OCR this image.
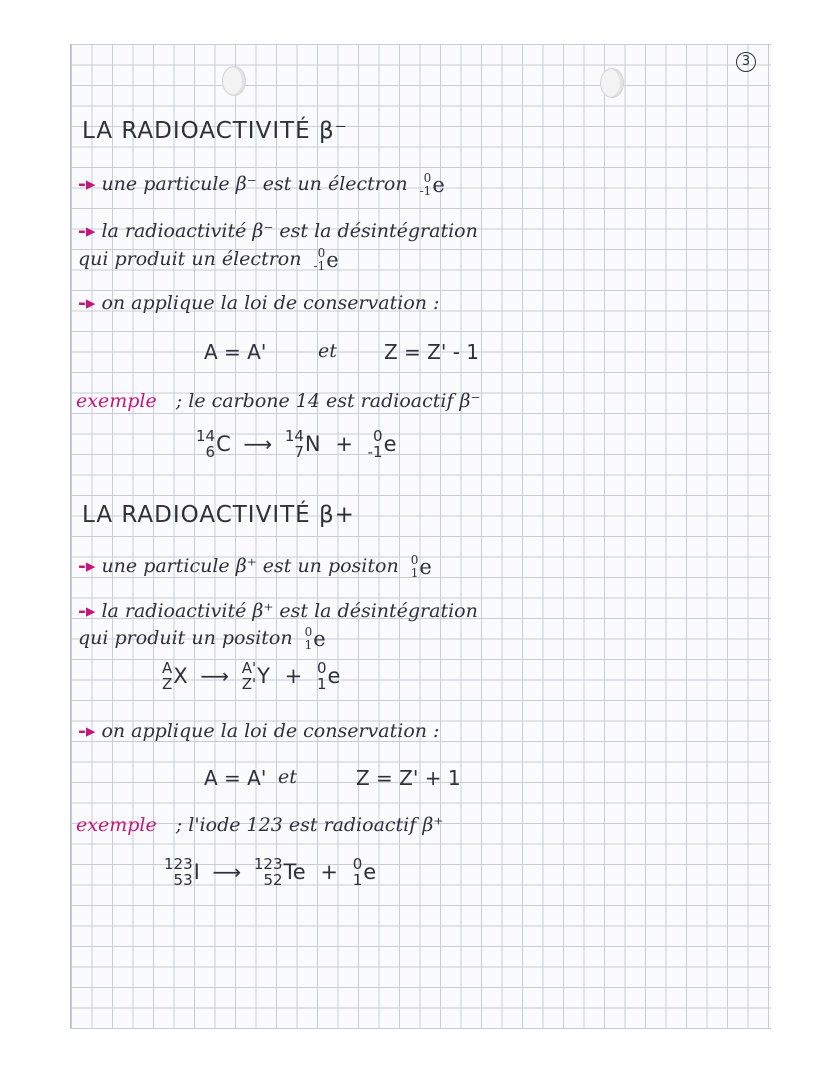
3
LA RADIOACTIVITÉ β⁻
-▸ une particule β⁻ est un électron 0
-1 e
-▸ la radioactivité β⁻ est la désintégration
qui produit un électron 0
-1 e
-▸ on applique la loi de conservation :
A = A'	et Z = Z' - 1
exemple ; le carbone 14 est radioactif β⁻
14
6 C ⟶ 14
7 N + 0
-1 e
LA RADIOACTIVITÉ β+
-▸ une particule β⁺ est un positon 0
1 e
-▸ la radioactivité β⁺ est la désintégration
qui produit un positon 0
1 e
A
Z X ⟶ A'
Z' Y + 0
1 e
-▸ on applique la loi de conservation :
A = A' et	Z = Z' + 1
exemple ; l'iode 123 est radioactif β⁺
123
53 I ⟶ 123
52 Te + 0
1 e
